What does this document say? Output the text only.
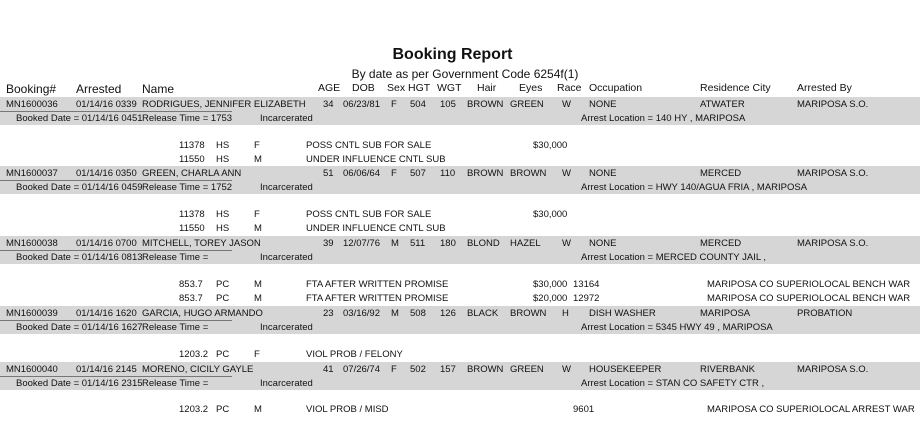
Booking Report
By date as per Government Code 6254f(1)
Booking# Arrested Name	AGE DOB Sex HGT WGT Hair Eyes Race Occupation	Residence City	Arrested By
MN1600036 01/14/16 0339 RODRIGUES, JENNIFER ELIZABETH 34 06/23/81 F 504 105 BROWN GREEN W NONE	ATWATER	MARIPOSA S.O.
Booked Date = 01/14/16 0451 Release Time = 1753	Incarcerated	Arrest Location = 140 HY , MARIPOSA
11378 HS	F	POSS CNTL SUB FOR SALE	$30,000
11550 HS	M	UNDER INFLUENCE CNTL SUB
MN1600037 01/14/16 0350 GREEN, CHARLA ANN	51 06/06/64 F 507 110 BROWN BROWN W NONE	MERCED	MARIPOSA S.O.
Booked Date = 01/14/16 0459 Release Time = 1752	Incarcerated	Arrest Location = HWY 140/AGUA FRIA , MARIPOSA
11378 HS	F	POSS CNTL SUB FOR SALE	$30,000
11550 HS	M	UNDER INFLUENCE CNTL SUB
MN1600038 01/14/16 0700 MITCHELL, TOREY JASON	39 12/07/76 M 511 180 BLOND HAZEL W NONE	MERCED	MARIPOSA S.O.
Booked Date = 01/14/16 0813 Release Time =	Incarcerated	Arrest Location = MERCED COUNTY JAIL ,
853.7 PC	M	FTA AFTER WRITTEN PROMISE	$30,000 13164	MARIPOSA CO SUPERIO LOCAL BENCH WAR
853.7 PC	M	FTA AFTER WRITTEN PROMISE	$20,000 12972	MARIPOSA CO SUPERIO LOCAL BENCH WAR
MN1600039 01/14/16 1620 GARCIA, HUGO ARMANDO	23 03/16/92 M 508 126 BLACK BROWN H DISH WASHER	MARIPOSA	PROBATION
Booked Date = 01/14/16 1627 Release Time =	Incarcerated	Arrest Location = 5345 HWY 49 , MARIPOSA
1203.2 PC	F	VIOL PROB / FELONY
MN1600040 01/14/16 2145 MORENO, CICILY GAYLE	41 07/26/74 F 502 157 BROWN GREEN W HOUSEKEEPER	RIVERBANK	MARIPOSA S.O.
Booked Date = 01/14/16 2315 Release Time =	Incarcerated	Arrest Location = STAN CO SAFETY CTR ,
1203.2 PC	M	VIOL PROB / MISD	9601	MARIPOSA CO SUPERIO LOCAL ARREST WAR
